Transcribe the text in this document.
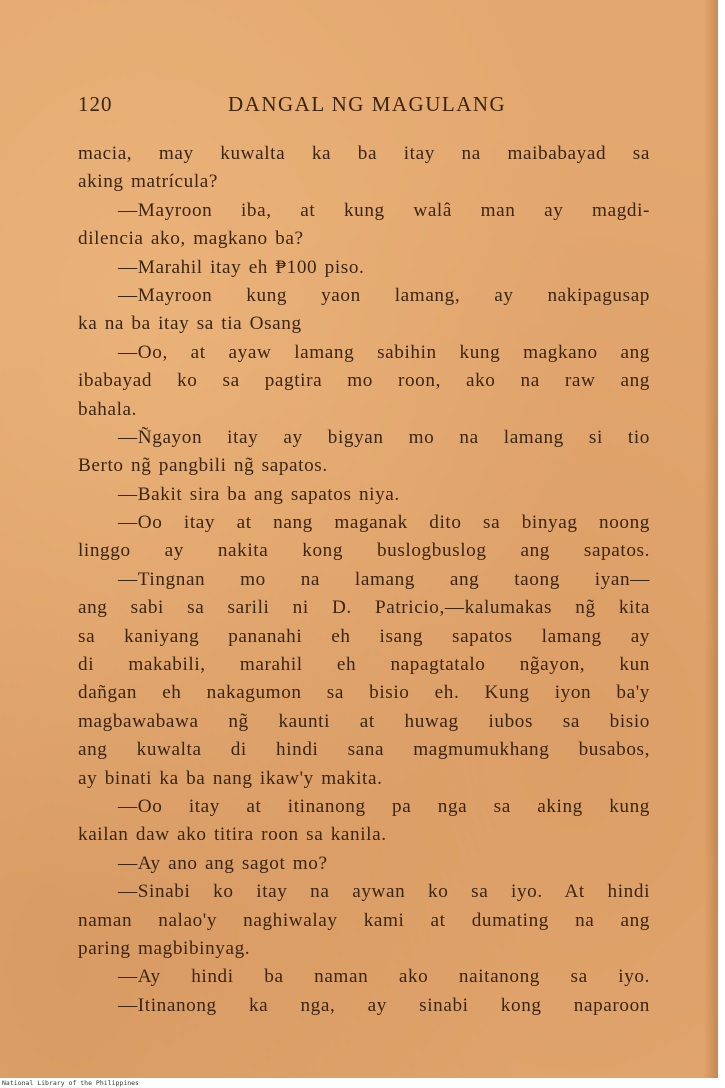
120	DANGAL NG MAGULANG
macia, may kuwalta ka ba itay na maibabayad sa
aking matrícula?
—Mayroon iba, at kung walâ man ay magdi-
dilencia ako, magkano ba?
—Marahil itay eh ₱100 piso.
—Mayroon kung yaon lamang, ay nakipagusap
ka na ba itay sa tia Osang
—Oo, at ayaw lamang sabihin kung magkano ang
ibabayad ko sa pagtira mo roon, ako na raw ang
bahala.
—Ñgayon itay ay bigyan mo na lamang si tio
Berto ng̃ pangbili ng̃ sapatos.
—Bakit sira ba ang sapatos niya.
—Oo itay at nang maganak dito sa binyag noong
linggo ay nakita kong buslogbuslog ang sapatos.
—Tingnan mo na lamang ang taong iyan—
ang sabi sa sarili ni D. Patricio,—kalumakas ng̃ kita
sa kaniyang pananahi eh isang sapatos lamang ay
di makabili, marahil eh napagtatalo ng̃ayon, kun
dañgan eh nakagumon sa bisio eh. Kung iyon ba'y
magbawabawa ng̃ kaunti at huwag iubos sa bisio
ang kuwalta di hindi sana magmumukhang busabos,
ay binati ka ba nang ikaw'y makita.
—Oo itay at itinanong pa nga sa aking kung
kailan daw ako titira roon sa kanila.
—Ay ano ang sagot mo?
—Sinabi ko itay na aywan ko sa iyo. At hindi
naman nalao'y naghiwalay kami at dumating na ang
paring magbibinyag.
—Ay hindi ba naman ako naitanong sa iyo.
—Itinanong ka nga, ay sinabi kong naparoon
National Library of the Philippines
